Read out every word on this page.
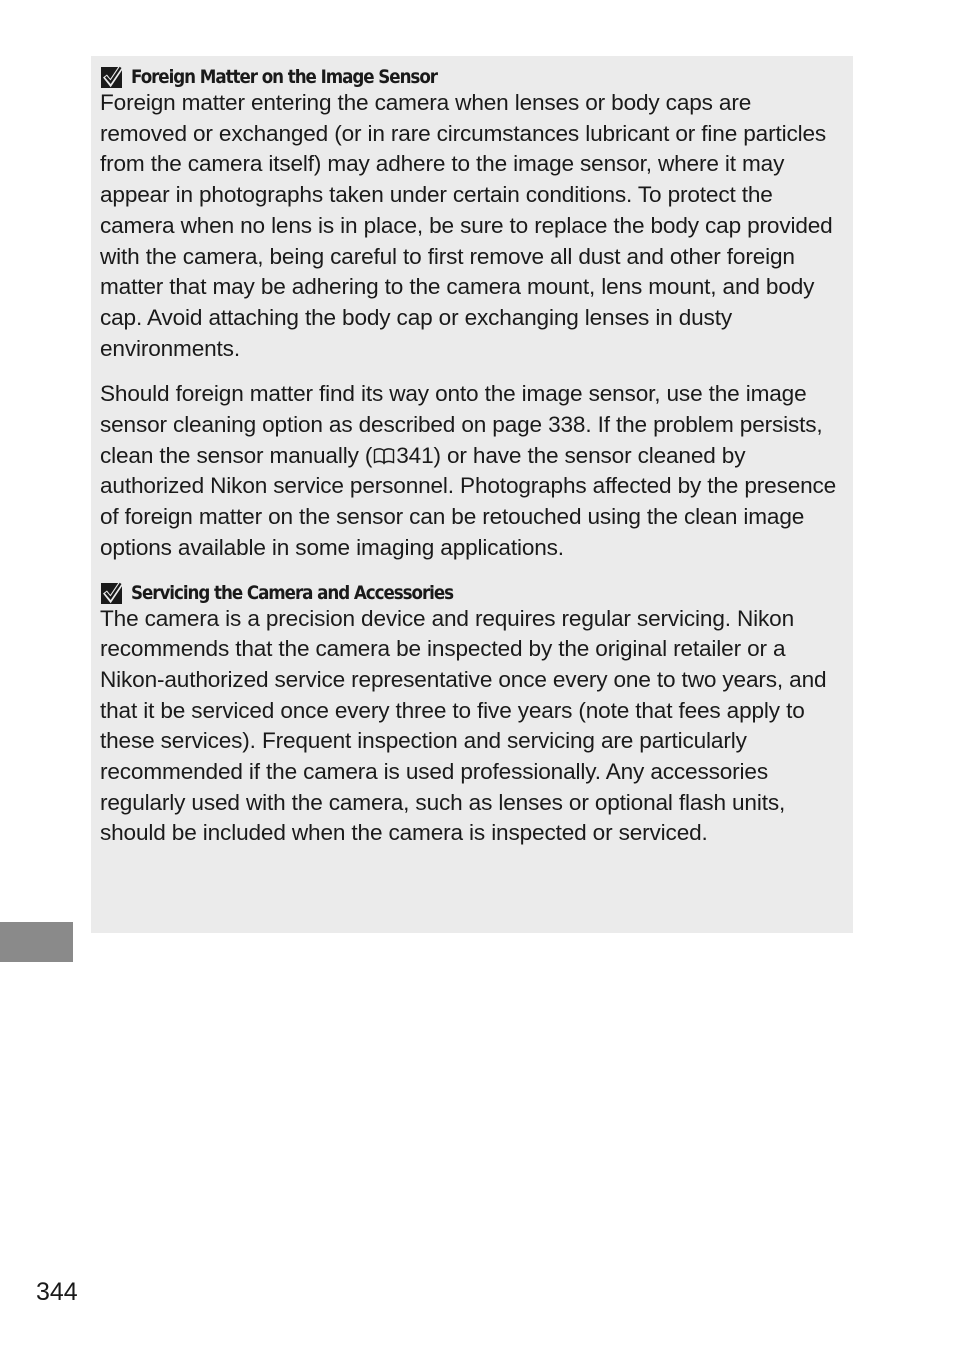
Foreign Matter on the Image Sensor

Foreign matter entering the camera when lenses or body caps are removed or exchanged (or in rare circumstances lubricant or fine particles from the camera itself) may adhere to the image sensor, where it may appear in photographs taken under certain conditions. To protect the camera when no lens is in place, be sure to replace the body cap provided with the camera, being careful to first remove all dust and other foreign matter that may be adhering to the camera mount, lens mount, and body cap. Avoid attaching the body cap or exchanging lenses in dusty environments.

Should foreign matter find its way onto the image sensor, use the image sensor cleaning option as described on page 338. If the problem persists, clean the sensor manually ( 341) or have the sensor cleaned by authorized Nikon service personnel. Photographs affected by the presence of foreign matter on the sensor can be retouched using the clean image options available in some imaging applications.

Servicing the Camera and Accessories

The camera is a precision device and requires regular servicing. Nikon recommends that the camera be inspected by the original retailer or a Nikon-authorized service representative once every one to two years, and that it be serviced once every three to five years (note that fees apply to these services). Frequent inspection and servicing are particularly recommended if the camera is used professionally. Any accessories regularly used with the camera, such as lenses or optional flash units, should be included when the camera is inspected or serviced.

344
